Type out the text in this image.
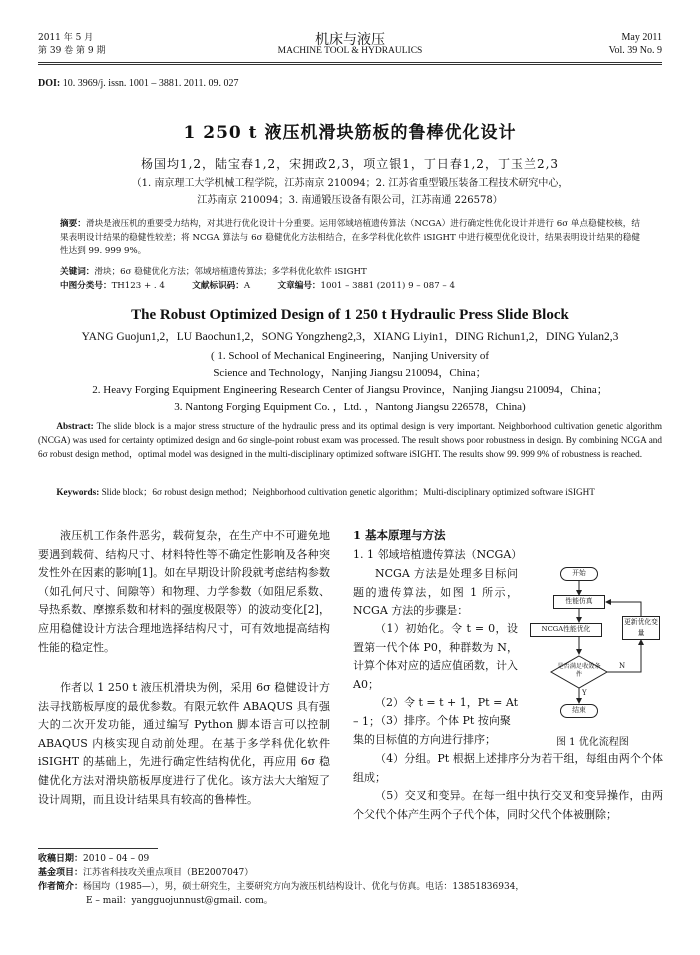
2011 年 5 月
第 39 卷 第 9 期
机床与液压
MACHINE TOOL & HYDRAULICS
May 2011
Vol. 39 No. 9
DOI: 10. 3969/j. issn. 1001 – 3881. 2011. 09. 027
1 250 t 液压机滑块筋板的鲁棒优化设计
杨国均1,2，陆宝春1,2，宋拥政2,3，项立银1，丁日春1,2，丁玉兰2,3
（1. 南京理工大学机械工程学院，江苏南京 210094；2. 江苏省重型锻压装备工程技术研究中心，
江苏南京 210094；3. 南通锻压设备有限公司，江苏南通 226578）
摘要：滑块是液压机的重要受力结构，对其进行优化设计十分重要。运用邻域培植遗传算法（NCGA）进行确定性优化设计并进行 6σ 单点稳健校核，结果表明设计结果的稳健性较差；将 NCGA 算法与 6σ 稳健优化方法相结合，在多学科优化软件 iSIGHT 中进行模型优化设计，结果表明设计结果的稳健性达到 99. 999 9%。
关键词：滑块；6σ 稳健优化方法；邻域培植遗传算法；多学科优化软件 iSIGHT
中图分类号：TH123 + . 4	文献标识码：A	文章编号：1001 – 3881 (2011) 9 – 087 – 4
The Robust Optimized Design of 1 250 t Hydraulic Press Slide Block
YANG Guojun1,2，LU Baochun1,2，SONG Yongzheng2,3，XIANG Liyin1，DING Richun1,2，DING Yulan2,3
( 1. School of Mechanical Engineering，Nanjing University of
Science and Technology，Nanjing Jiangsu 210094，China；
2. Heavy Forging Equipment Engineering Research Center of Jiangsu Province，Nanjing Jiangsu 210094，China；
3. Nantong Forging Equipment Co. ，Ltd. ，Nantong Jiangsu 226578，China)
Abstract: The slide block is a major stress structure of the hydraulic press and its optimal design is very important. Neighborhood cultivation genetic algorithm (NCGA) was used for certainty optimized design and 6σ single-point robust exam was processed. The result shows poor robustness in design. By combining NCGA and 6σ robust design method，optimal model was designed in the multi-disciplinary optimized software iSIGHT. The results show 99. 999 9% of robustness is reached.
Keywords: Slide block；6σ robust design method；Neighborhood cultivation genetic algorithm；Multi-disciplinary optimized software iSIGHT
液压机工作条件恶劣，载荷复杂，在生产中不可避免地要遇到载荷、结构尺寸、材料特性等不确定性影响及各种突发性外在因素的影响[1]。如在早期设计阶段就考虑结构参数（如孔何尺寸、间隙等）和物理、力学参数（如阻尼系数、导热系数、摩擦系数和材料的强度极限等）的波动变化[2]，应用稳健设计方法合理地选择结构尺寸，可有效地提高结构性能的稳定性。
作者以 1 250 t 液压机滑块为例，采用 6σ 稳健设计方法寻找筋板厚度的最优参数。有限元软件 ABAQUS 具有强大的二次开发功能，通过编写 Python 脚本语言可以控制 ABAQUS 内核实现自动前处理。在基于多学科优化软件 iSIGHT 的基础上，先进行确定性结构优化，再应用 6σ 稳健优化方法对滑块筋板厚度进行了优化。该方法大大缩短了设计周期，而且设计结果具有较高的鲁棒性。
1 基本原理与方法
1. 1 邻域培植遗传算法（NCGA）
NCGA 方法是处理多目标问题的遗传算法，如图 1 所示，NCGA 方法的步骤是：
（1）初始化。令 t = 0，设置第一代个体 P0，种群数为 N，计算个体对应的适应值函数，计入 A0；
（2）令 t = t + 1，Pt = At – 1；
（3）排序。个体 Pt 按向聚
集的目标值的方向进行排序；	图 1 优化流程图
（4）分组。Pt 根据上述排序分为若干组，每组由两个个体组成；
（5）交叉和变异。在每一组中执行交叉和变异操作，由两个父代个体产生两个子代个体，同时父代个体被删除；
开始
性能仿真
NCGA性能优化
更新优化变量
是否满足收敛条件
N
Y
结束
收稿日期：2010 – 04 – 09
基金项目：江苏省科技攻关重点项目（BE2007047）
作者简介：杨国均（1985—），男，硕士研究生，主要研究方向为液压机结构设计、优化与仿真。电话：13851836934，
E – mail：yangguojunnust@gmail. com。
